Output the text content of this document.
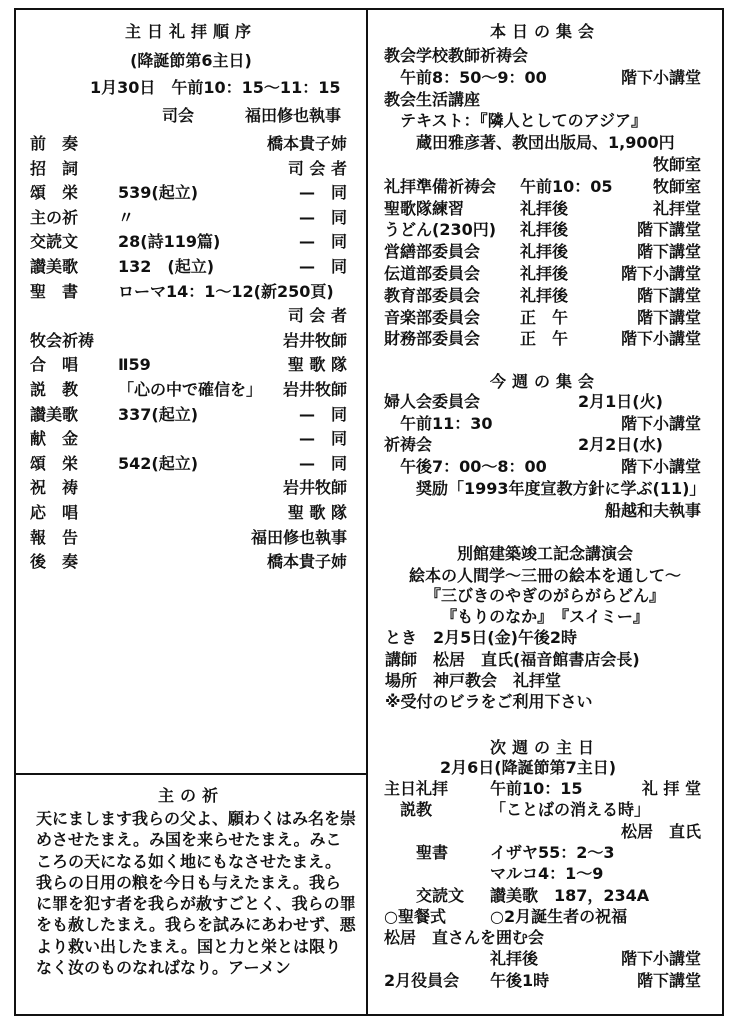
主日礼拝順序
(降誕節第6主日)
1月30日　午前10：15〜11：15
司会	福田修也執事
前　奏	橋本貴子姉
招　詞	司 会 者
頌　栄 539(起立)	—　同
主の祈 〃	—　同
交読文 28(詩119篇)	—　同
讃美歌 132　(起立)	—　同
聖　書 ローマ14：1〜12(新250頁)
司 会 者
牧会祈祷	岩井牧師
合　唱 Ⅱ59	聖 歌 隊
説　教 「心の中で確信を」 岩井牧師
讃美歌 337(起立)	—　同
献　金	—　同
頌　栄 542(起立)	—　同
祝　祷	岩井牧師
応　唱	聖 歌 隊
報　告	福田修也執事
後　奏	橋本貴子姉
主の祈
天にまします我らの父よ、願わくはみ名を崇めさせたまえ。み国を来らせたまえ。みこころの天になる如く地にもなさせたまえ。我らの日用の粮を今日も与えたまえ。我らに罪を犯す者を我らが赦すごとく、我らの罪をも赦したまえ。我らを試みにあわせず、悪より救い出したまえ。国と力と栄とは限りなく汝のものなればなり。アーメン
本日の集会
教会学校教師祈祷会
　午前8：50〜9：00	階下小講堂
教会生活講座
　テキスト：『隣人としてのアジア』
　　蔵田雅彦著、教団出版局、1,900円
牧師室
礼拝準備祈祷会 午前10：05	牧師室
聖歌隊練習	礼拝後	礼拝堂
うどん(230円) 礼拝後	階下講堂
営繕部委員会 礼拝後	階下講堂
伝道部委員会 礼拝後	階下小講堂
教育部委員会 礼拝後	階下講堂
音楽部委員会 正　午	階下講堂
財務部委員会 正　午	階下小講堂
今週の集会
婦人会委員会	2月1日(火)
　午前11：30	階下小講堂
祈祷会	2月2日(水)
　午後7：00〜8：00	階下小講堂
　　奨励「1993年度宣教方針に学ぶ(11)」
船越和夫執事
別館建築竣工記念講演会
絵本の人間学〜三冊の絵本を通して〜
『三びきのやぎのがらがらどん』
『もりのなか』　『スイミー』
とき　2月5日(金)午後2時
講師　松居　直氏(福音館書店会長)
場所　神戸教会　礼拝堂
※受付のビラをご利用下さい
次週の主日
2月6日(降誕節第7主日)
主日礼拝	午前10：15	礼 拝 堂
　説教	「ことばの消える時」
松居　直氏
　　聖書	イザヤ55：2〜3
マルコ4：1〜9
　　交読文 讃美歌　187，234A
○聖餐式	○2月誕生者の祝福
松居　直さんを囲む会
礼拝後	階下小講堂
2月役員会 午後1時	階下講堂
